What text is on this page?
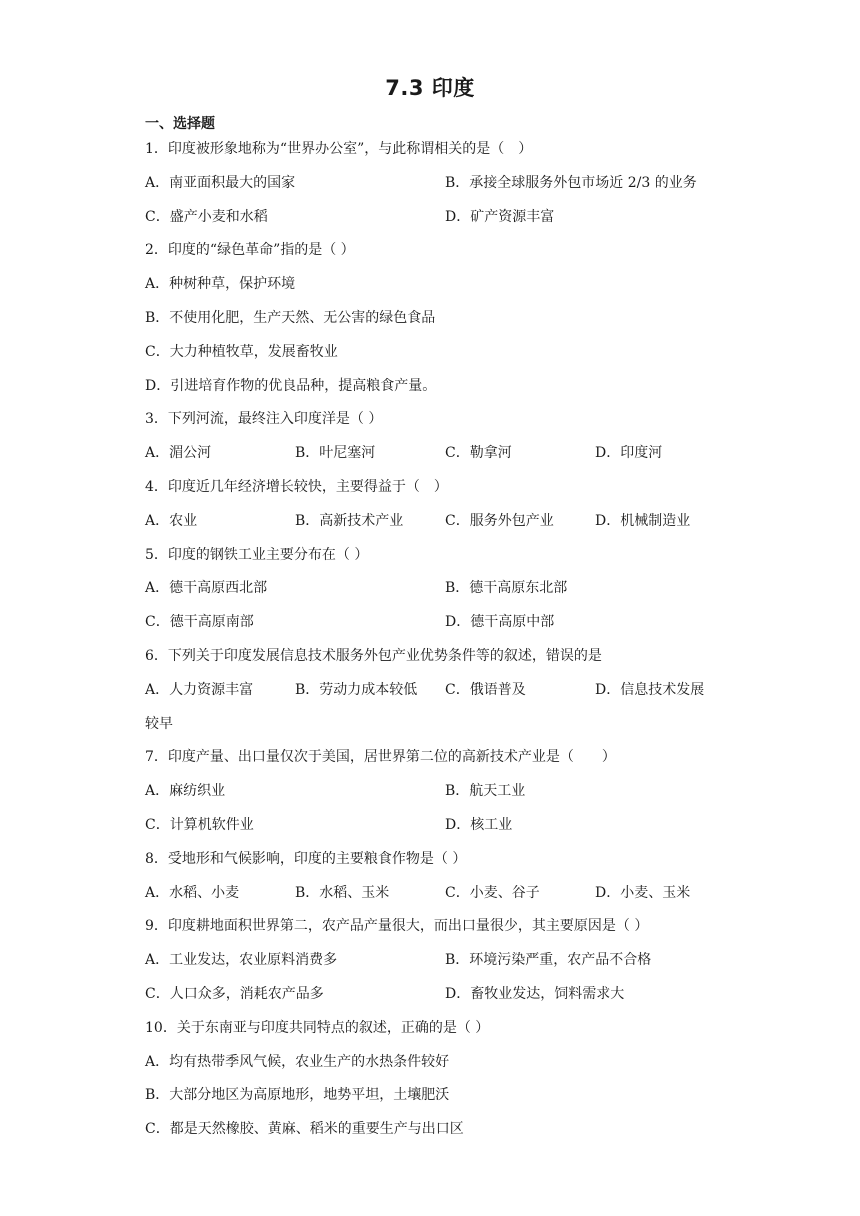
7.3 印度
一、选择题
1．印度被形象地称为“世界办公室”，与此称谓相关的是（　）
A．南亚面积最大的国家	B．承接全球服务外包市场近 2/3 的业务
C．盛产小麦和水稻	D．矿产资源丰富
2．印度的“绿色革命”指的是（ ）
A．种树种草，保护环境
B．不使用化肥，生产天然、无公害的绿色食品
C．大力种植牧草，发展畜牧业
D．引进培育作物的优良品种，提高粮食产量。
3．下列河流，最终注入印度洋是（ ）
A．湄公河	B．叶尼塞河	C．勒拿河	D．印度河
4．印度近几年经济增长较快，主要得益于（　）
A．农业	B．高新技术产业	C．服务外包产业	D．机械制造业
5．印度的钢铁工业主要分布在（ ）
A．德干高原西北部	B．德干高原东北部
C．德干高原南部	D．德干高原中部
6．下列关于印度发展信息技术服务外包产业优势条件等的叙述，错误的是
A．人力资源丰富	B．劳动力成本较低 C．俄语普及	D．信息技术发展
较早
7．印度产量、出口量仅次于美国，居世界第二位的高新技术产业是（　　）
A．麻纺织业	B．航天工业
C．计算机软件业	D．核工业
8．受地形和气候影响，印度的主要粮食作物是（ ）
A．水稻、小麦	B．水稻、玉米	C．小麦、谷子	D．小麦、玉米
9．印度耕地面积世界第二，农产品产量很大，而出口量很少，其主要原因是（ ）
A．工业发达，农业原料消费多	B．环境污染严重，农产品不合格
C．人口众多，消耗农产品多	D．畜牧业发达，饲料需求大
10．关于东南亚与印度共同特点的叙述，正确的是（ ）
A．均有热带季风气候，农业生产的水热条件较好
B．大部分地区为高原地形，地势平坦，土壤肥沃
C．都是天然橡胶、黄麻、稻米的重要生产与出口区
